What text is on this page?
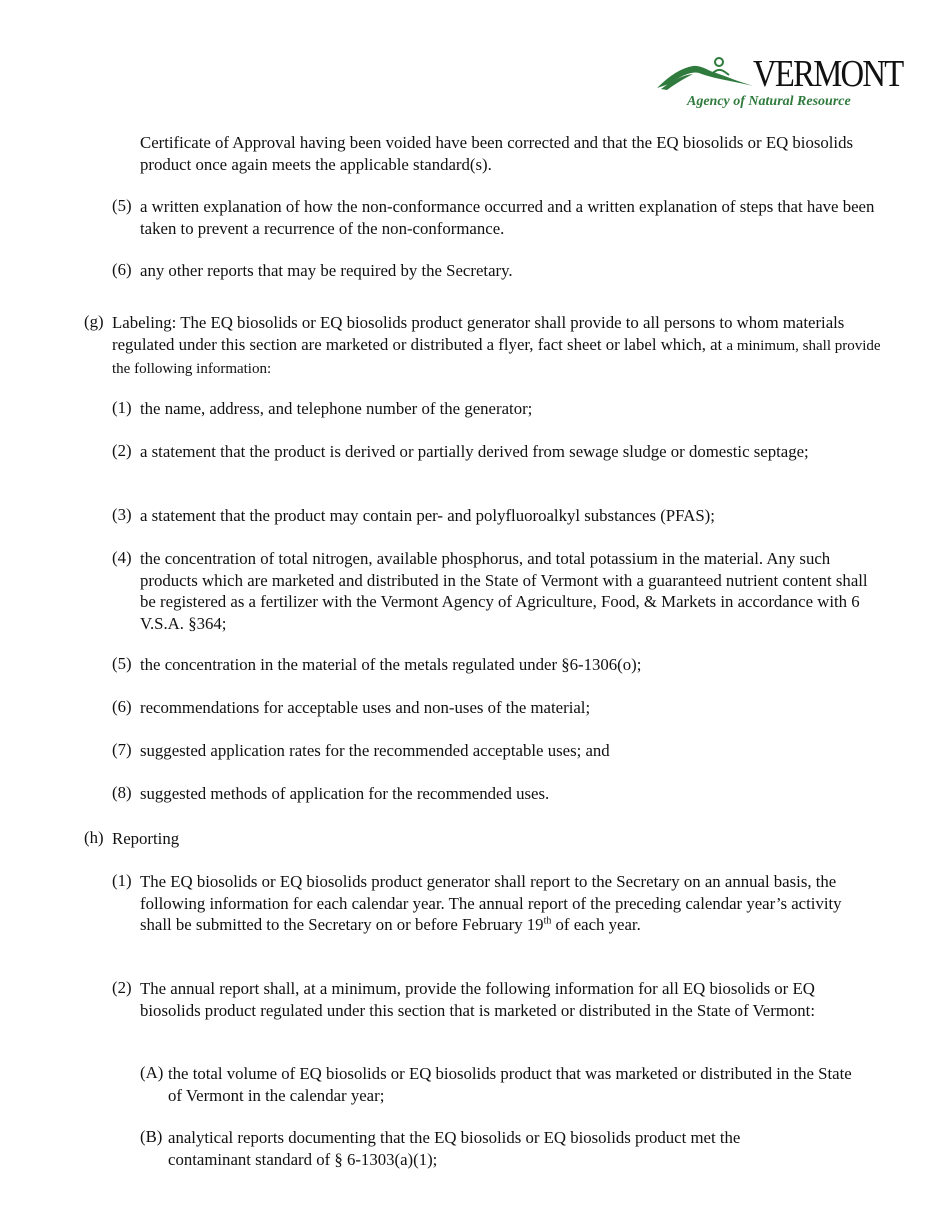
VERMONT
Agency of Natural Resource
Certificate of Approval having been voided have been corrected and that the EQ biosolids or EQ biosolids product once again meets the applicable standard(s).
(5) a written explanation of how the non-conformance occurred and a written explanation of steps that have been taken to prevent a recurrence of the non-conformance.
(6) any other reports that may be required by the Secretary.
(g) Labeling: The EQ biosolids or EQ biosolids product generator shall provide to all persons to whom materials regulated under this section are marketed or distributed a flyer, fact sheet or label which, at a minimum, shall provide the following information:
(1) the name, address, and telephone number of the generator;
(2) a statement that the product is derived or partially derived from sewage sludge or domestic septage;
(3) a statement that the product may contain per- and polyfluoroalkyl substances (PFAS);
(4) the concentration of total nitrogen, available phosphorus, and total potassium in the material. Any such products which are marketed and distributed in the State of Vermont with a guaranteed nutrient content shall be registered as a fertilizer with the Vermont Agency of Agriculture, Food, & Markets in accordance with 6 V.S.A. §364;
(5) the concentration in the material of the metals regulated under §6-1306(o);
(6) recommendations for acceptable uses and non-uses of the material;
(7) suggested application rates for the recommended acceptable uses; and
(8) suggested methods of application for the recommended uses.
(h) Reporting
(1) The EQ biosolids or EQ biosolids product generator shall report to the Secretary on an annual basis, the following information for each calendar year. The annual report of the preceding calendar year’s activity shall be submitted to the Secretary on or before February 19th of each year.
(2) The annual report shall, at a minimum, provide the following information for all EQ biosolids or EQ biosolids product regulated under this section that is marketed or distributed in the State of Vermont:
(A) the total volume of EQ biosolids or EQ biosolids product that was marketed or distributed in the State of Vermont in the calendar year;
(B) analytical reports documenting that the EQ biosolids or EQ biosolids product met the contaminant standard of § 6-1303(a)(1);
